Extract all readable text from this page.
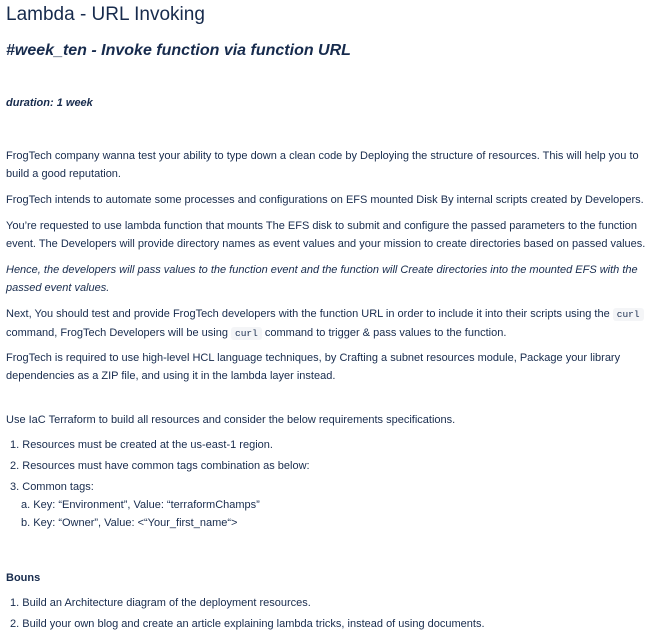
Lambda - URL Invoking
#week_ten - Invoke function via function URL
duration: 1 week

FrogTech company wanna test your ability to type down a clean code by Deploying the structure of resources. This will help you to build a good reputation.

FrogTech intends to automate some processes and configurations on EFS mounted Disk By internal scripts created by Developers.

You’re requested to use lambda function that mounts The EFS disk to submit and configure the passed parameters to the function event. The Developers will provide directory names as event values and your mission to create directories based on passed values.

Hence, the developers will pass values to the function event and the function will Create directories into the mounted EFS with the passed event values.

Next, You should test and provide FrogTech developers with the function URL in order to include it into their scripts using the curl command, FrogTech Developers will be using curl command to trigger & pass values to the function.

FrogTech is required to use high-level HCL language techniques, by Crafting a subnet resources module, Package your library dependencies as a ZIP file, and using it in the lambda layer instead.

Use IaC Terraform to build all resources and consider the below requirements specifications.

1. Resources must be created at the us-east-1 region.
2. Resources must have common tags combination as below:
3. Common tags:
a. Key: “Environment”, Value: “terraformChamps”
b. Key: “Owner”, Value: <“Your_first_name“>
Bouns
1. Build an Architecture diagram of the deployment resources.
2. Build your own blog and create an article explaining lambda tricks, instead of using documents.
